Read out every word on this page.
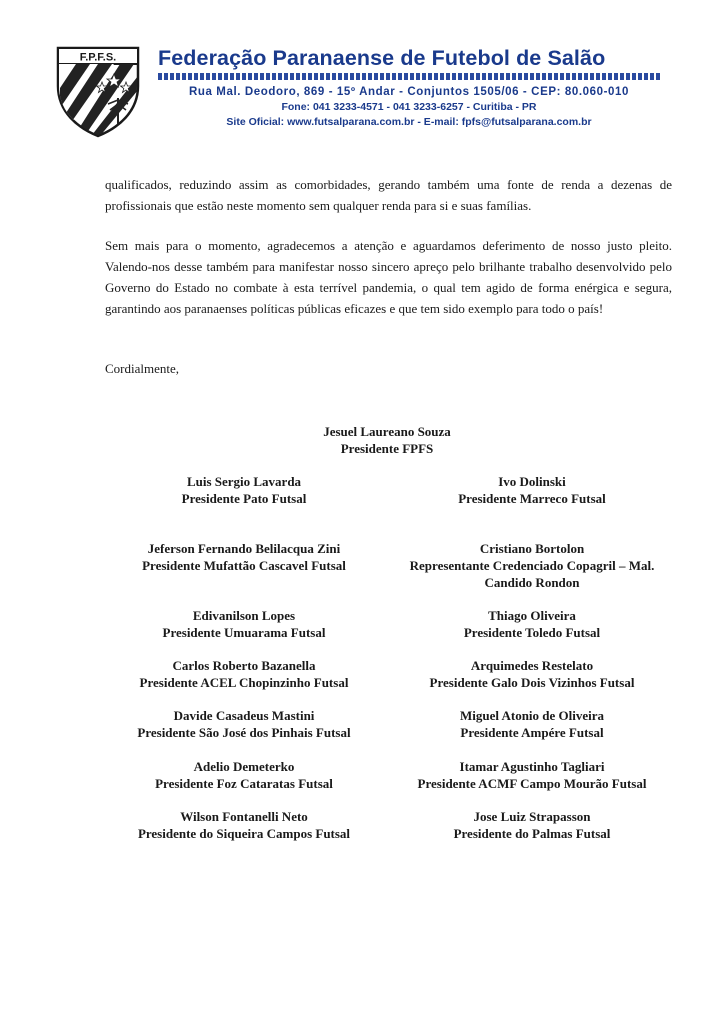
F.P.F.S. Federação Paranaense de Futebol de Salão
Rua Mal. Deodoro, 869 - 15º Andar - Conjuntos 1505/06 - CEP: 80.060-010
Fone: 041 3233-4571 - 041 3233-6257 - Curitiba - PR
Site Oficial: www.futsalparana.com.br - E-mail: fpfs@futsalparana.com.br
qualificados, reduzindo assim as comorbidades, gerando também uma fonte de renda a dezenas de profissionais que estão neste momento sem qualquer renda para si e suas famílias.
Sem mais para o momento, agradecemos a atenção e aguardamos deferimento de nosso justo pleito. Valendo-nos desse também para manifestar nosso sincero apreço pelo brilhante trabalho desenvolvido pelo Governo do Estado no combate à esta terrível pandemia, o qual tem agido de forma enérgica e segura, garantindo aos paranaenses políticas públicas eficazes e que tem sido exemplo para todo o país!
Cordialmente,
Jesuel Laureano Souza
Presidente FPFS
Luis Sergio Lavarda
Presidente Pato Futsal
Ivo Dolinski
Presidente Marreco Futsal
Jeferson Fernando Belilacqua Zini
Presidente Mufattão Cascavel Futsal
Cristiano Bortolon
Representante Credenciado Copagril – Mal. Candido Rondon
Edivanilson Lopes
Presidente Umuarama Futsal
Thiago Oliveira
Presidente Toledo Futsal
Carlos Roberto Bazanella
Presidente ACEL Chopinzinho Futsal
Arquimedes Restelato
Presidente Galo Dois Vizinhos Futsal
Davide Casadeus Mastini
Presidente São José dos Pinhais Futsal
Miguel Atonio de Oliveira
Presidente Ampére Futsal
Adelio Demeterko
Presidente Foz Cataratas Futsal
Itamar Agustinho Tagliari
Presidente ACMF Campo Mourão Futsal
Wilson Fontanelli Neto
Presidente do Siqueira Campos Futsal
Jose Luiz Strapasson
Presidente do Palmas Futsal
